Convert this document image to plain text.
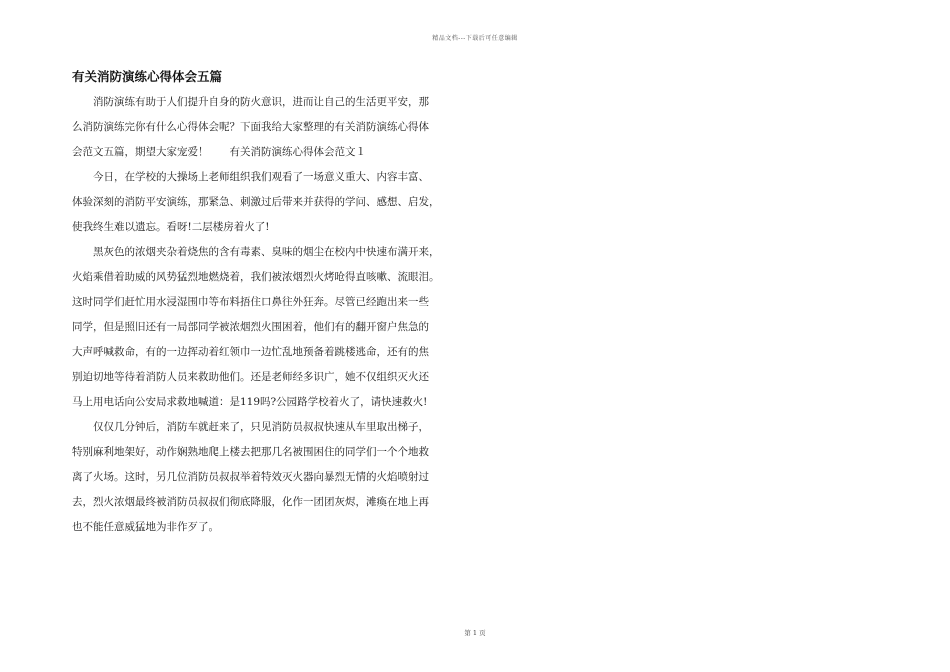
精品文档---下载后可任意编辑
有关消防演练心得体会五篇
　　消防演练有助于人们提升自身的防火意识，进而让自己的生活更平安，那
么消防演练完你有什么心得体会呢？下面我给大家整理的有关消防演练心得体
会范文五篇，期望大家宠爱！　　有关消防演练心得体会范文１
　　今日，在学校的大操场上老师组织我们观看了一场意义重大、内容丰富、
体验深刻的消防平安演练，那紧急、刺激过后带来并获得的学问、感想、启发，
使我终生难以遗忘。看呀!二层楼房着火了!
　　黑灰色的浓烟夹杂着烧焦的含有毒素、臭味的烟尘在校内中快速布满开来，
火焰乘借着助威的风势猛烈地燃烧着，我们被浓烟烈火烤呛得直咳嗽、流眼泪。
这时同学们赶忙用水浸湿围巾等布料捂住口鼻往外狂奔。尽管已经跑出来一些
同学，但是照旧还有一局部同学被浓烟烈火围困着，他们有的翻开窗户焦急的
大声呼喊救命，有的一边挥动着红领巾一边忙乱地预备着跳楼逃命，还有的焦
别迫切地等待着消防人员来救助他们。还是老师经多识广，她不仅组织灭火还
马上用电话向公安局求救地喊道：是119吗?公园路学校着火了，请快速救火!
　　仅仅几分钟后，消防车就赶来了，只见消防员叔叔快速从车里取出梯子，
特别麻利地架好，动作娴熟地爬上楼去把那几名被围困住的同学们一个个地救
离了火场。这时，另几位消防员叔叔举着特效灭火器向暴烈无情的火焰喷射过
去，烈火浓烟最终被消防员叔叔们彻底降服，化作一团团灰烬，滩瘓在地上再
也不能任意威猛地为非作歹了。
第 1 页
